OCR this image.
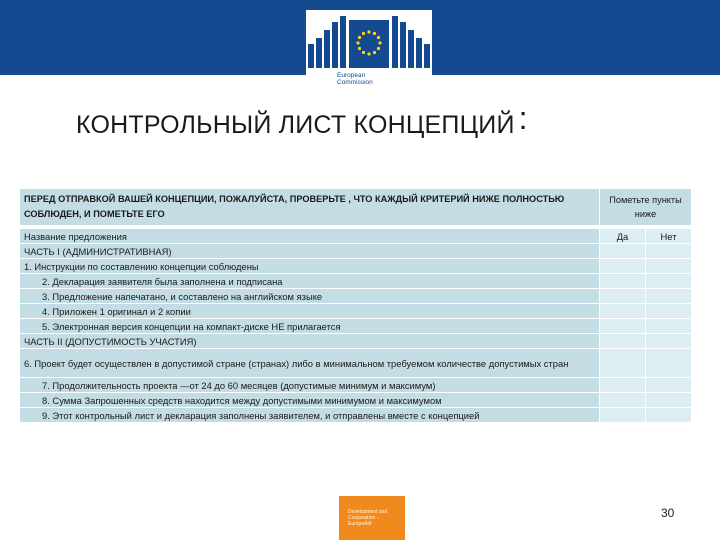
European
Commission
КОНТРОЛЬНЫЙ ЛИСТ КОНЦЕПЦИЙ :
ПЕРЕД ОТПРАВКОЙ ВАШЕЙ КОНЦЕПЦИИ, ПОЖАЛУЙСТА, ПРОВЕРЬТЕ , ЧТО КАЖДЫЙ КРИТЕРИЙ НИЖЕ ПОЛНОСТЬЮ СОБЛЮДЕН, И ПОМЕТЬТЕ ЕГО	Пометьте пункты ниже	

Название предложения	Да	Нет
ЧАСТЬ I (АДМИНИСТРАТИВНАЯ)		
1. Инструкции по составлению концепции соблюдены		
2. Декларация заявителя была заполнена и подписана		
3. Предложение напечатано, и составлено на английском языке		
4. Приложен 1 оригинал и 2 копии		
5. Электронная версия концепции на компакт-диске НЕ прилагается		
ЧАСТЬ II (ДОПУСТИМОСТЬ УЧАСТИЯ)		
6. Проект будет осуществлен в допустимой стране (странах) либо в минимальном требуемом количестве допустимых стран		
7. Продолжительность проекта —от 24 до 60 месяцев (допустимые минимум и максимум)		
8. Сумма Запрошенных средств находится между допустимыми минимумом и максимумом		
9. Этот контрольный лист и декларация заполнены заявителем, и отправлены вместе с концепцией		
Development and
Cooperation -
EuropeAid
30
